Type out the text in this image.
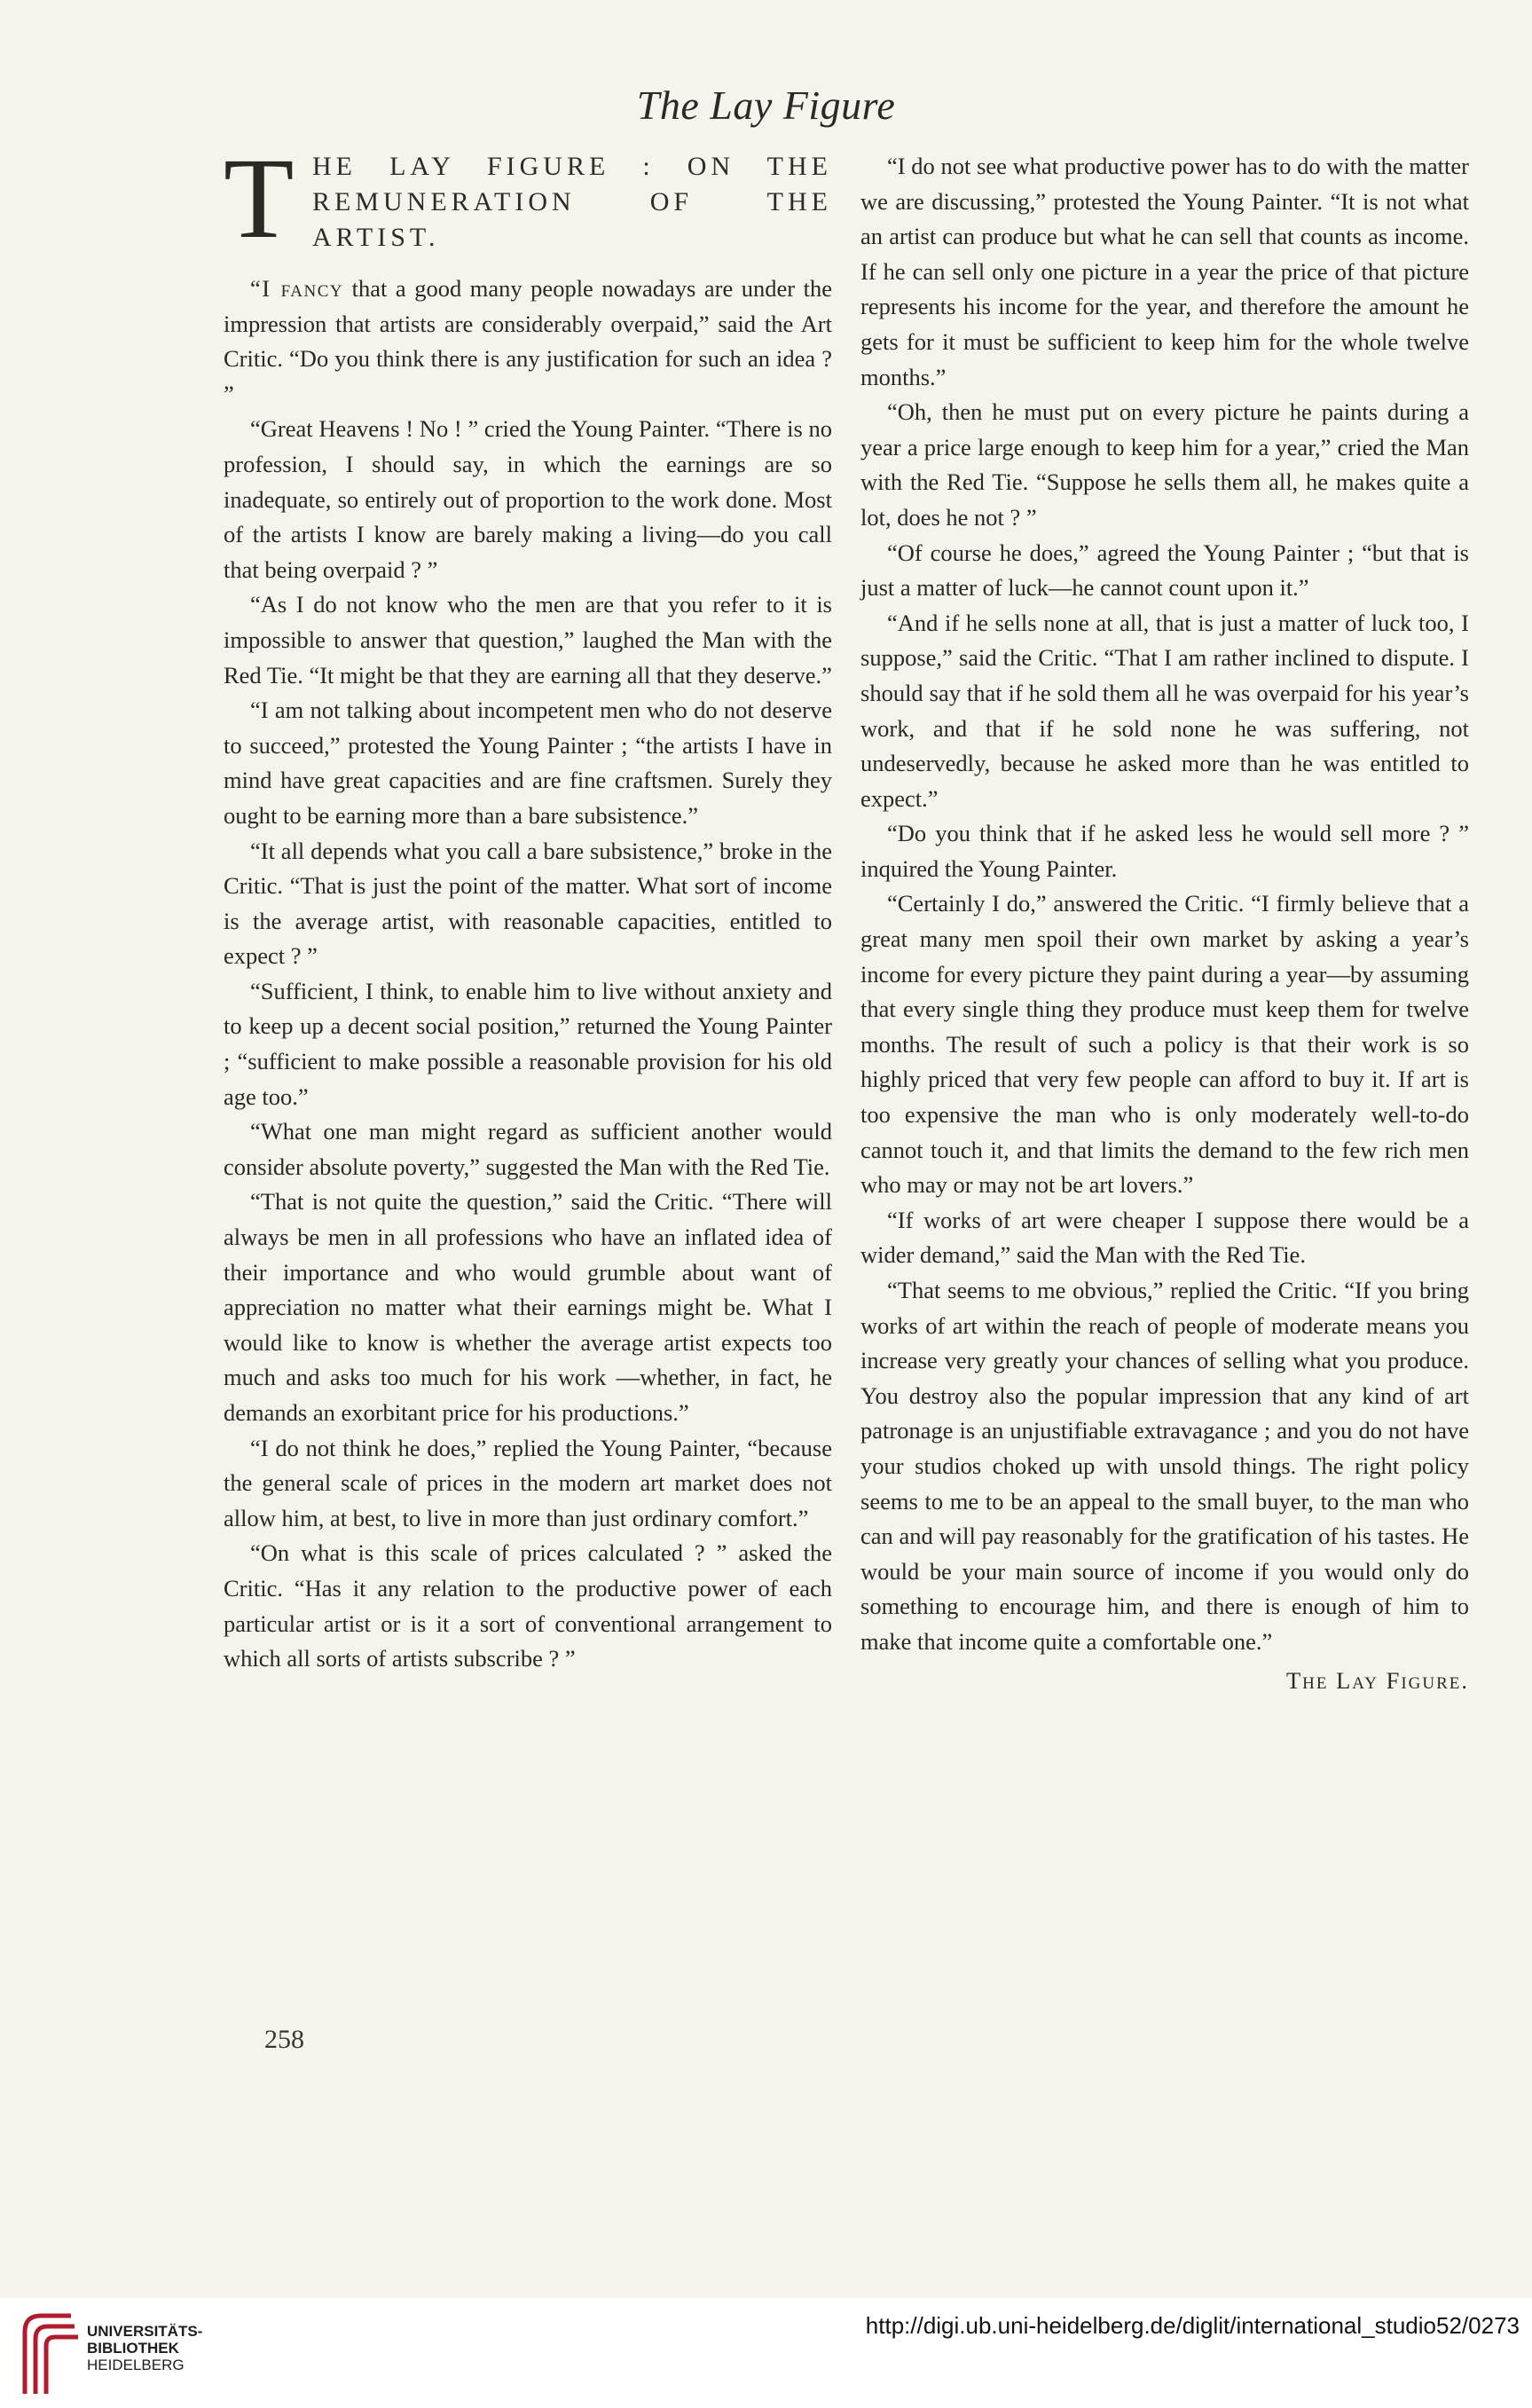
The Lay Figure
T HE LAY FIGURE : ON THE REMUNERATION OF THE ARTIST.

“I fancy that a good many people nowadays are under the impression that artists are considerably overpaid,” said the Art Critic. “Do you think there is any justification for such an idea ? ”

“Great Heavens ! No ! ” cried the Young Painter. “There is no profession, I should say, in which the earnings are so inadequate, so entirely out of proportion to the work done. Most of the artists I know are barely making a living—do you call that being overpaid ? ”

“As I do not know who the men are that you refer to it is impossible to answer that question,” laughed the Man with the Red Tie. “It might be that they are earning all that they deserve.”

“I am not talking about incompetent men who do not deserve to succeed,” protested the Young Painter ; “the artists I have in mind have great capacities and are fine craftsmen. Surely they ought to be earning more than a bare subsistence.”

“It all depends what you call a bare subsistence,” broke in the Critic. “That is just the point of the matter. What sort of income is the average artist, with reasonable capacities, entitled to expect ? ”

“Sufficient, I think, to enable him to live without anxiety and to keep up a decent social position,” returned the Young Painter ; “sufficient to make possible a reasonable provision for his old age too.”

“What one man might regard as sufficient another would consider absolute poverty,” suggested the Man with the Red Tie.

“That is not quite the question,” said the Critic. “There will always be men in all professions who have an inflated idea of their importance and who would grumble about want of appreciation no matter what their earnings might be. What I would like to know is whether the average artist expects too much and asks too much for his work —whether, in fact, he demands an exorbitant price for his productions.”

“I do not think he does,” replied the Young Painter, “because the general scale of prices in the modern art market does not allow him, at best, to live in more than just ordinary comfort.”

“On what is this scale of prices calculated ? ” asked the Critic. “Has it any relation to the productive power of each particular artist or is it a sort of conventional arrangement to which all sorts of artists subscribe ? ”

“I do not see what productive power has to do with the matter we are discussing,” protested the Young Painter. “It is not what an artist can produce but what he can sell that counts as income. If he can sell only one picture in a year the price of that picture represents his income for the year, and therefore the amount he gets for it must be sufficient to keep him for the whole twelve months.”

“Oh, then he must put on every picture he paints during a year a price large enough to keep him for a year,” cried the Man with the Red Tie. “Suppose he sells them all, he makes quite a lot, does he not ? ”

“Of course he does,” agreed the Young Painter ; “but that is just a matter of luck—he cannot count upon it.”

“And if he sells none at all, that is just a matter of luck too, I suppose,” said the Critic. “That I am rather inclined to dispute. I should say that if he sold them all he was overpaid for his year’s work, and that if he sold none he was suffering, not undeservedly, because he asked more than he was entitled to expect.”

“Do you think that if he asked less he would sell more ? ” inquired the Young Painter.

“Certainly I do,” answered the Critic. “I firmly believe that a great many men spoil their own market by asking a year’s income for every picture they paint during a year—by assuming that every single thing they produce must keep them for twelve months. The result of such a policy is that their work is so highly priced that very few people can afford to buy it. If art is too expensive the man who is only moderately well-to-do cannot touch it, and that limits the demand to the few rich men who may or may not be art lovers.”

“If works of art were cheaper I suppose there would be a wider demand,” said the Man with the Red Tie.

“That seems to me obvious,” replied the Critic. “If you bring works of art within the reach of people of moderate means you increase very greatly your chances of selling what you produce. You destroy also the popular impression that any kind of art patronage is an unjustifiable extravagance ; and you do not have your studios choked up with unsold things. The right policy seems to me to be an appeal to the small buyer, to the man who can and will pay reasonably for the gratification of his tastes. He would be your main source of income if you would only do something to encourage him, and there is enough of him to make that income quite a comfortable one.”

The Lay Figure.
258
UNIVERSITÄTS-
BIBLIOTHEK
HEIDELBERG
http://digi.ub.uni-heidelberg.de/diglit/international_studio52/0273
